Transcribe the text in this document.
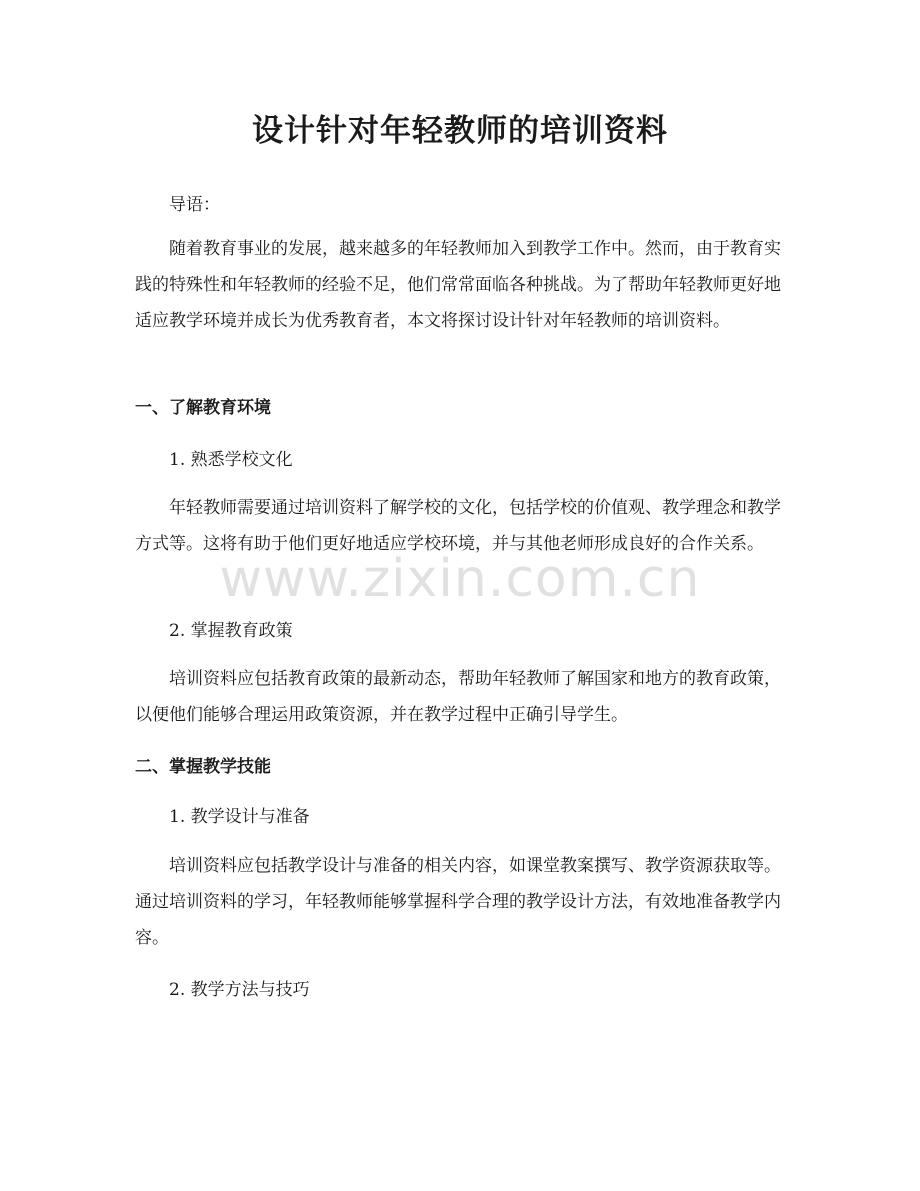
设计针对年轻教师的培训资料

导语：

随着教育事业的发展，越来越多的年轻教师加入到教学工作中。然而，由于教育实践的特殊性和年轻教师的经验不足，他们常常面临各种挑战。为了帮助年轻教师更好地适应教学环境并成长为优秀教育者，本文将探讨设计针对年轻教师的培训资料。

一、了解教育环境

1. 熟悉学校文化

年轻教师需要通过培训资料了解学校的文化，包括学校的价值观、教学理念和教学方式等。这将有助于他们更好地适应学校环境，并与其他老师形成良好的合作关系。

2. 掌握教育政策

培训资料应包括教育政策的最新动态，帮助年轻教师了解国家和地方的教育政策，以便他们能够合理运用政策资源，并在教学过程中正确引导学生。

二、掌握教学技能

1. 教学设计与准备

培训资料应包括教学设计与准备的相关内容，如课堂教案撰写、教学资源获取等。通过培训资料的学习，年轻教师能够掌握科学合理的教学设计方法，有效地准备教学内容。

2. 教学方法与技巧

www.zixin.com.cn
